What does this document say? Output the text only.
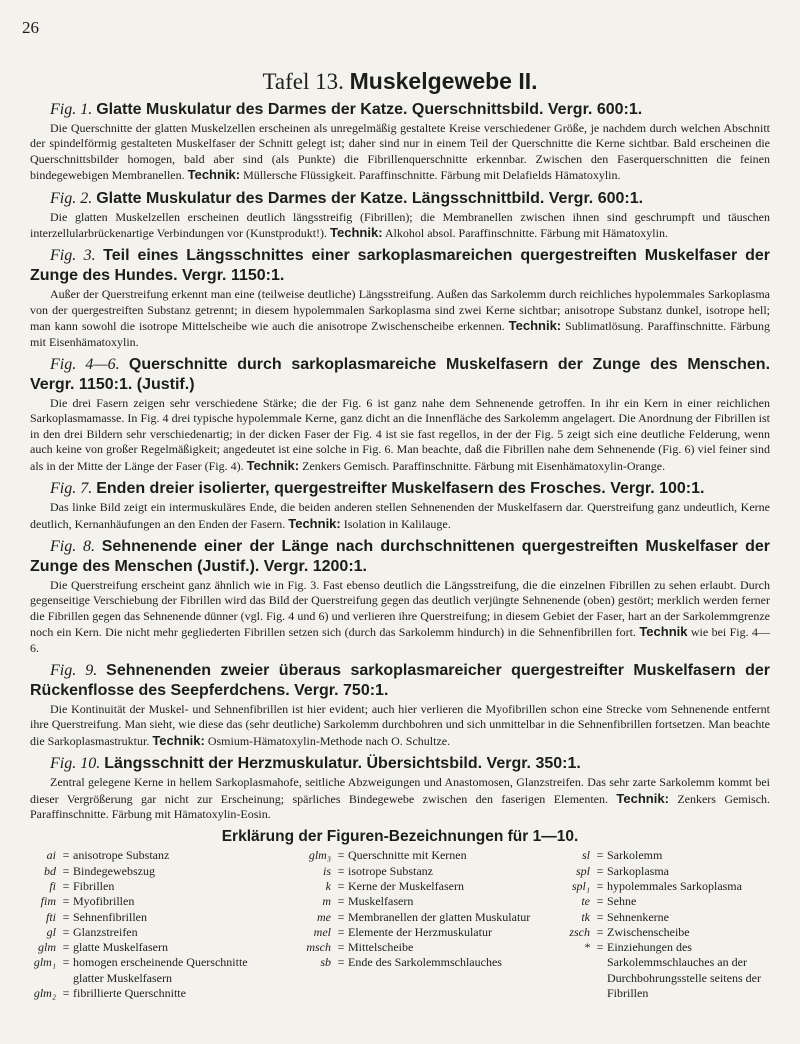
26
Tafel 13. Muskelgewebe II.
Fig. 1. Glatte Muskulatur des Darmes der Katze. Querschnittsbild. Vergr. 600:1.
Die Querschnitte der glatten Muskelzellen erscheinen als unregelmäßig gestaltete Kreise verschiedener Größe, je nachdem durch welchen Abschnitt der spindelförmig gestalteten Muskelfaser der Schnitt gelegt ist; daher sind nur in einem Teil der Querschnitte die Kerne sichtbar. Bald erscheinen die Querschnittsbilder homogen, bald aber sind (als Punkte) die Fibrillenquerschnitte erkennbar. Zwischen den Faserquerschnitten die feinen bindegewebigen Membranellen. Technik: Müllersche Flüssigkeit. Paraffinschnitte. Färbung mit Delafields Hämatoxylin.
Fig. 2. Glatte Muskulatur des Darmes der Katze. Längsschnittbild. Vergr. 600:1.
Die glatten Muskelzellen erscheinen deutlich längsstreifig (Fibrillen); die Membranellen zwischen ihnen sind geschrumpft und täuschen interzellularbrückenartige Verbindungen vor (Kunstprodukt!). Technik: Alkohol absol. Paraffinschnitte. Färbung mit Hämatoxylin.
Fig. 3. Teil eines Längsschnittes einer sarkoplasmareichen quergestreiften Muskelfaser der Zunge des Hundes. Vergr. 1150:1.
Außer der Querstreifung erkennt man eine (teilweise deutliche) Längsstreifung. Außen das Sarkolemm durch reichliches hypolemmales Sarkoplasma von der quergestreiften Substanz getrennt; in diesem hypolemmalen Sarkoplasma sind zwei Kerne sichtbar; anisotrope Substanz dunkel, isotrope hell; man kann sowohl die isotrope Mittelscheibe wie auch die anisotrope Zwischenscheibe erkennen. Technik: Sublimatlösung. Paraffinschnitte. Färbung mit Eisenhämatoxylin.
Fig. 4—6. Querschnitte durch sarkoplasmareiche Muskelfasern der Zunge des Menschen. Vergr. 1150:1. (Justif.)
Die drei Fasern zeigen sehr verschiedene Stärke; die der Fig. 6 ist ganz nahe dem Sehnenende getroffen. In ihr ein Kern in einer reichlichen Sarkoplasmamasse. In Fig. 4 drei typische hypolemmale Kerne, ganz dicht an die Innenfläche des Sarkolemm angelagert. Die Anordnung der Fibrillen ist in den drei Bildern sehr verschiedenartig; in der dicken Faser der Fig. 4 ist sie fast regellos, in der der Fig. 5 zeigt sich eine deutliche Felderung, wenn auch keine von großer Regelmäßigkeit; angedeutet ist eine solche in Fig. 6. Man beachte, daß die Fibrillen nahe dem Sehnenende (Fig. 6) viel feiner sind als in der Mitte der Länge der Faser (Fig. 4). Technik: Zenkers Gemisch. Paraffinschnitte. Färbung mit Eisenhämatoxylin-Orange.
Fig. 7. Enden dreier isolierter, quergestreifter Muskelfasern des Frosches. Vergr. 100:1.
Das linke Bild zeigt ein intermuskuläres Ende, die beiden anderen stellen Sehnenenden der Muskelfasern dar. Querstreifung ganz undeutlich, Kerne deutlich, Kernanhäufungen an den Enden der Fasern. Technik: Isolation in Kalilauge.
Fig. 8. Sehnenende einer der Länge nach durchschnittenen quergestreiften Muskelfaser der Zunge des Menschen (Justif.). Vergr. 1200:1.
Die Querstreifung erscheint ganz ähnlich wie in Fig. 3. Fast ebenso deutlich die Längsstreifung, die die einzelnen Fibrillen zu sehen erlaubt. Durch gegenseitige Verschiebung der Fibrillen wird das Bild der Querstreifung gegen das deutlich verjüngte Sehnenende (oben) gestört; merklich werden ferner die Fibrillen gegen das Sehnenende dünner (vgl. Fig. 4 und 6) und verlieren ihre Querstreifung; in diesem Gebiet der Faser, hart an der Sarkolemmgrenze noch ein Kern. Die nicht mehr gegliederten Fibrillen setzen sich (durch das Sarkolemm hindurch) in die Sehnenfibrillen fort. Technik wie bei Fig. 4—6.
Fig. 9. Sehnenenden zweier überaus sarkoplasmareicher quergestreifter Muskelfasern der Rückenflosse des Seepferdchens. Vergr. 750:1.
Die Kontinuität der Muskel- und Sehnenfibrillen ist hier evident; auch hier verlieren die Myofibrillen schon eine Strecke vom Sehnenende entfernt ihre Querstreifung. Man sieht, wie diese das (sehr deutliche) Sarkolemm durchbohren und sich unmittelbar in die Sehnenfibrillen fortsetzen. Man beachte die Sarkoplasmastruktur. Technik: Osmium-Hämatoxylin-Methode nach O. Schultze.
Fig. 10. Längsschnitt der Herzmuskulatur. Übersichtsbild. Vergr. 350:1.
Zentral gelegene Kerne in hellem Sarkoplasmahofe, seitliche Abzweigungen und Anastomosen, Glanzstreifen. Das sehr zarte Sarkolemm kommt bei dieser Vergrößerung gar nicht zur Erscheinung; spärliches Bindegewebe zwischen den faserigen Elementen. Technik: Zenkers Gemisch. Paraffinschnitte. Färbung mit Hämatoxylin-Eosin.
Erklärung der Figuren-Bezeichnungen für 1—10.
ai = anisotrope Substanz
bd = Bindegewebszug
fi = Fibrillen
fim = Myofibrillen
fti = Sehnenfibrillen
gl = Glanzstreifen
glm = glatte Muskelfasern
glm₁ = homogen erscheinende Querschnitte glatter Muskelfasern
glm₂ = fibrillierte Querschnitte
glm₃ = Querschnitte mit Kernen
is = isotrope Substanz
k = Kerne der Muskelfasern
m = Muskelfasern
me = Membranellen der glatten Muskulatur
mel = Elemente der Herzmuskulatur
msch = Mittelscheibe
sb = Ende des Sarkolemmschlauches
sl = Sarkolemm
spl = Sarkoplasma
spl₁ = hypolemmales Sarkoplasma
te = Sehne
tk = Sehnenkerne
zsch = Zwischenscheibe
* = Einziehungen des Sarkolemmschlauches an der Durchbohrungsstelle seitens der Fibrillen
